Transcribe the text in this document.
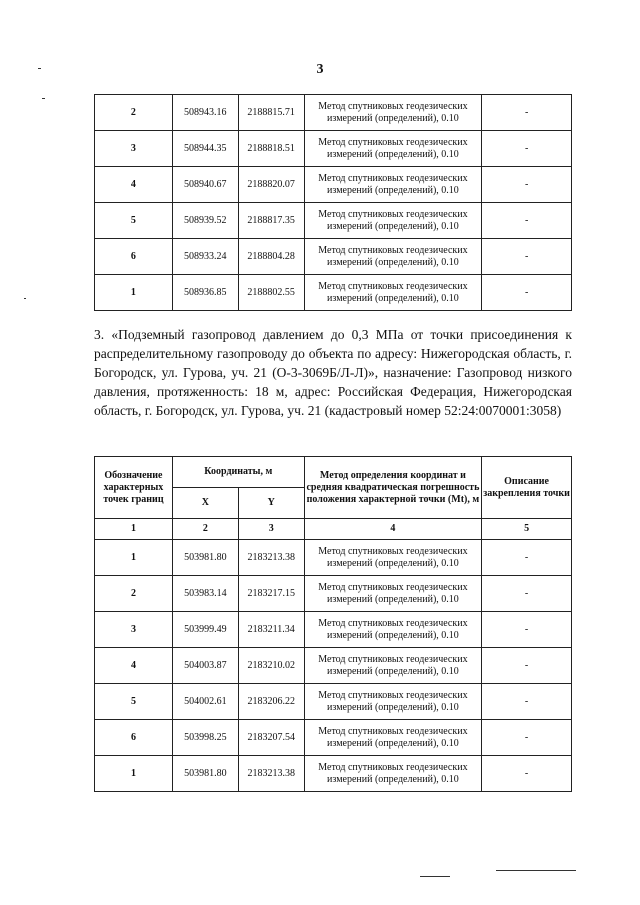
3
2	508943.16	2188815.71	Метод спутниковых геодезических измерений (определений), 0.10	-
3	508944.35	2188818.51	Метод спутниковых геодезических измерений (определений), 0.10	-
4	508940.67	2188820.07	Метод спутниковых геодезических измерений (определений), 0.10	-
5	508939.52	2188817.35	Метод спутниковых геодезических измерений (определений), 0.10	-
6	508933.24	2188804.28	Метод спутниковых геодезических измерений (определений), 0.10	-
1	508936.85	2188802.55	Метод спутниковых геодезических измерений (определений), 0.10	-
3. «Подземный газопровод давлением до 0,3 МПа от точки присоединения к распределительному газопроводу до объекта по адресу: Нижегородская область, г. Богородск, ул. Гурова, уч. 21 (О-3-3069Б/Л-Л)», назначение: Газопровод низкого давления, протяженность: 18 м, адрес: Российская Федерация, Нижегородская область, г. Богородск, ул. Гурова, уч. 21 (кадастровый номер 52:24:0070001:3058)
Обозначение характерных точек границ	Координаты, м		Метод определения координат и средняя квадратическая погрешность положения характерной точки (Mt), м	Описание закрепления точки
	X	Y		
1	2	3	4	5
1	503981.80	2183213.38	Метод спутниковых геодезических измерений (определений), 0.10	-
2	503983.14	2183217.15	Метод спутниковых геодезических измерений (определений), 0.10	-
3	503999.49	2183211.34	Метод спутниковых геодезических измерений (определений), 0.10	-
4	504003.87	2183210.02	Метод спутниковых геодезических измерений (определений), 0.10	-
5	504002.61	2183206.22	Метод спутниковых геодезических измерений (определений), 0.10	-
6	503998.25	2183207.54	Метод спутниковых геодезических измерений (определений), 0.10	-
1	503981.80	2183213.38	Метод спутниковых геодезических измерений (определений), 0.10	-
